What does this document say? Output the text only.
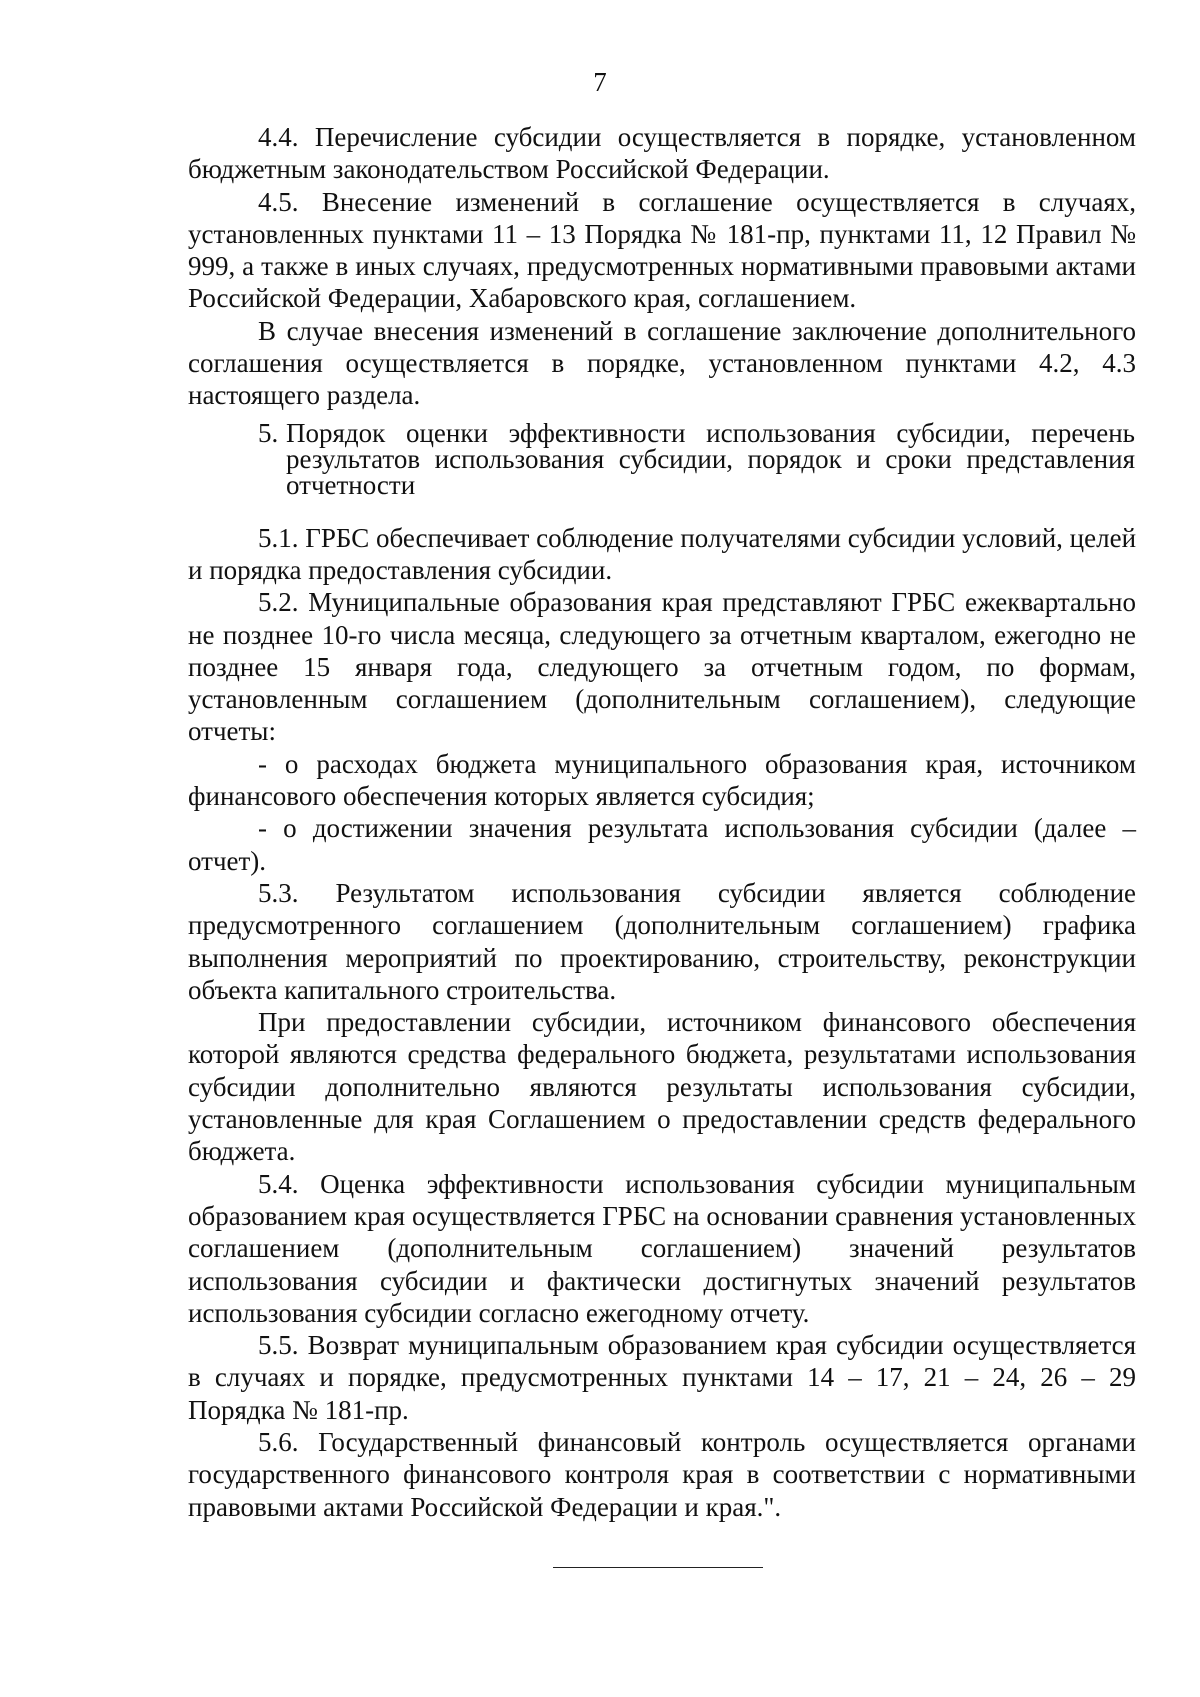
7

4.4. Перечисление субсидии осуществляется в порядке, установленном бюджетным законодательством Российской Федерации.

4.5. Внесение изменений в соглашение осуществляется в случаях, установленных пунктами 11 – 13 Порядка № 181-пр, пунктами 11, 12 Правил № 999, а также в иных случаях, предусмотренных нормативными правовыми актами Российской Федерации, Хабаровского края, соглашением.

В случае внесения изменений в соглашение заключение дополнительного соглашения осуществляется в порядке, установленном пунктами 4.2, 4.3 настоящего раздела.

5. Порядок оценки эффективности использования субсидии, перечень результатов использования субсидии, порядок и сроки представления отчетности

5.1. ГРБС обеспечивает соблюдение получателями субсидии условий, целей и порядка предоставления субсидии.

5.2. Муниципальные образования края представляют ГРБС ежеквартально не позднее 10-го числа месяца, следующего за отчетным кварталом, ежегодно не позднее 15 января года, следующего за отчетным годом, по формам, установленным соглашением (дополнительным соглашением), следующие отчеты:

- о расходах бюджета муниципального образования края, источником финансового обеспечения которых является субсидия;

- о достижении значения результата использования субсидии (далее – отчет).

5.3. Результатом использования субсидии является соблюдение предусмотренного соглашением (дополнительным соглашением) графика выполнения мероприятий по проектированию, строительству, реконструкции объекта капитального строительства.

При предоставлении субсидии, источником финансового обеспечения которой являются средства федерального бюджета, результатами использования субсидии дополнительно являются результаты использования субсидии, установленные для края Соглашением о предоставлении средств федерального бюджета.

5.4. Оценка эффективности использования субсидии муниципальным образованием края осуществляется ГРБС на основании сравнения установленных соглашением (дополнительным соглашением) значений результатов использования субсидии и фактически достигнутых значений результатов использования субсидии согласно ежегодному отчету.

5.5. Возврат муниципальным образованием края субсидии осуществляется в случаях и порядке, предусмотренных пунктами 14 – 17, 21 – 24, 26 – 29 Порядка № 181-пр.

5.6. Государственный финансовый контроль осуществляется органами государственного финансового контроля края в соответствии с нормативными правовыми актами Российской Федерации и края.".
